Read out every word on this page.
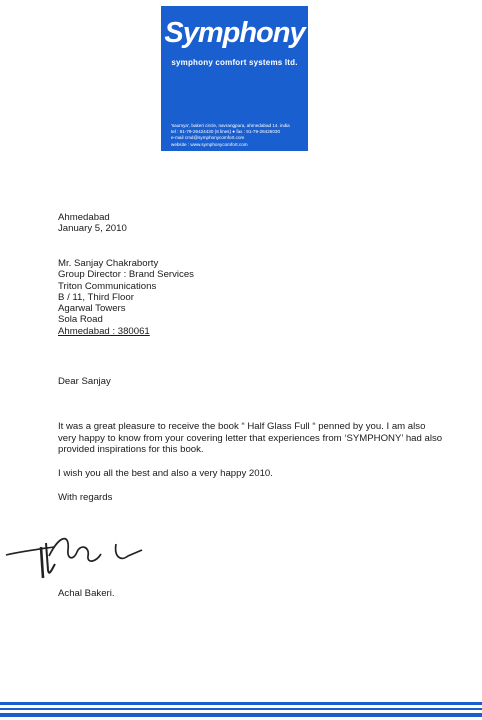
Symphony
symphony comfort systems ltd.
'saumya', bakeri circle, navrangpura, ahmedabad 14. india
tel : 91-79-26424430 (8 lines) ● fax : 91-79-26425030
e-mail cmd@symphonycomfort.com
website : www.symphonycomfort.com
Ahmedabad
January 5, 2010
Mr. Sanjay Chakraborty
Group Director : Brand Services
Triton Communications
B / 11, Third Floor
Agarwal Towers
Sola Road
Ahmedabad : 380061
Dear Sanjay
It was a great pleasure to receive the book “ Half Glass Full “ penned by you. I am also very happy to know from your covering letter that experiences from ‘SYMPHONY’ had also provided inspirations for this book.
I wish you all the best and also a very happy 2010.
With regards
Achal Bakeri.
